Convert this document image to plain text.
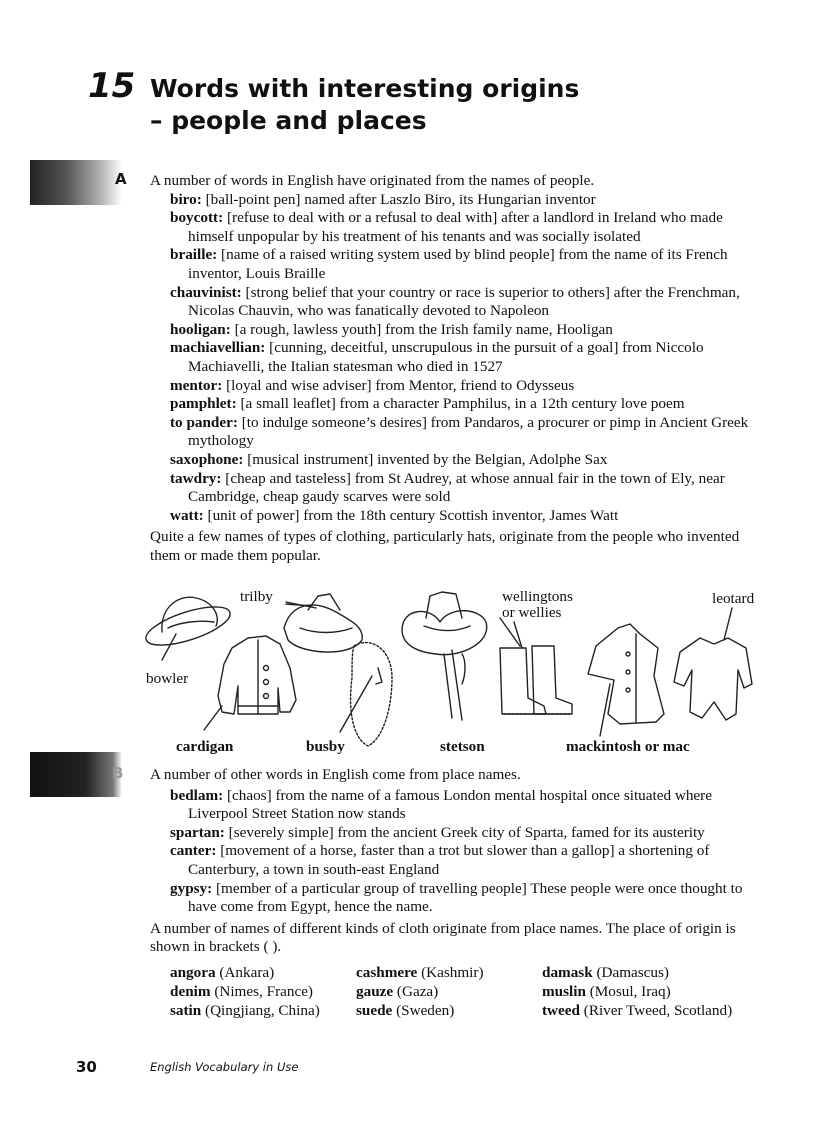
15 Words with interesting origins
– people and places
A A number of words in English have originated from the names of people.

biro: [ball-point pen] named after Laszlo Biro, its Hungarian inventor
boycott: [refuse to deal with or a refusal to deal with] after a landlord in Ireland who made himself unpopular by his treatment of his tenants and was socially isolated
braille: [name of a raised writing system used by blind people] from the name of its French inventor, Louis Braille
chauvinist: [strong belief that your country or race is superior to others] after the Frenchman, Nicolas Chauvin, who was fanatically devoted to Napoleon
hooligan: [a rough, lawless youth] from the Irish family name, Hooligan
machiavellian: [cunning, deceitful, unscrupulous in the pursuit of a goal] from Niccolo Machiavelli, the Italian statesman who died in 1527
mentor: [loyal and wise adviser] from Mentor, friend to Odysseus
pamphlet: [a small leaflet] from a character Pamphilus, in a 12th century love poem
to pander: [to indulge someone’s desires] from Pandaros, a procurer or pimp in Ancient Greek mythology
saxophone: [musical instrument] invented by the Belgian, Adolphe Sax
tawdry: [cheap and tasteless] from St Audrey, at whose annual fair in the town of Ely, near Cambridge, cheap gaudy scarves were sold
watt: [unit of power] from the 18th century Scottish inventor, James Watt

Quite a few names of types of clothing, particularly hats, originate from the people who invented them or made them popular.

trilby	wellingtons
or wellies
leotard
bowler
cardigan	busby	stetson	mackintosh or mac
B A number of other words in English come from place names.

bedlam: [chaos] from the name of a famous London mental hospital once situated where Liverpool Street Station now stands
spartan: [severely simple] from the ancient Greek city of Sparta, famed for its austerity
canter: [movement of a horse, faster than a trot but slower than a gallop] a shortening of Canterbury, a town in south-east England
gypsy: [member of a particular group of travelling people] These people were once thought to have come from Egypt, hence the name.

A number of names of different kinds of cloth originate from place names. The place of origin is shown in brackets ( ).

angora (Ankara)	cashmere (Kashmir)	damask (Damascus)
denim (Nimes, France)	gauze (Gaza)	muslin (Mosul, Iraq)
satin (Qingjiang, China)	suede (Sweden)	tweed (River Tweed, Scotland)
30	English Vocabulary in Use
